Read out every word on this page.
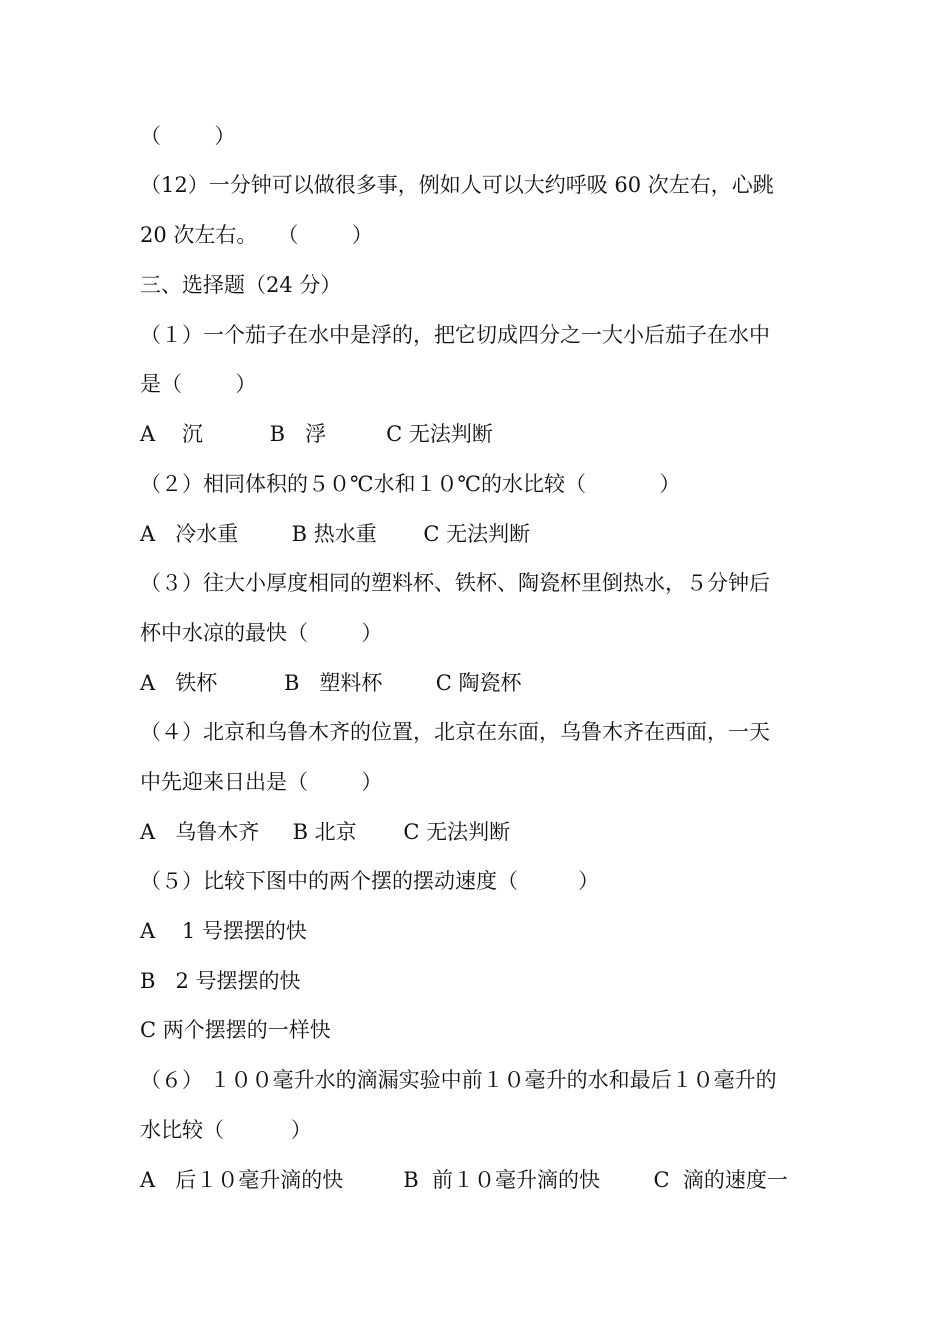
（        ）

（12）一分钟可以做很多事，例如人可以大约呼吸 60 次左右，心跳

20 次左右。   （        ）

三、选择题（24 分）

（１）一个茄子在水中是浮的，把它切成四分之一大小后茄子在水中

是（        ）

A    沉          B   浮         C 无法判断

（２）相同体积的５０℃水和１０℃的水比较（           ）

A   冷水重        B 热水重       C 无法判断

（３）往大小厚度相同的塑料杯、铁杯、陶瓷杯里倒热水，５分钟后

杯中水凉的最快（        ）

A   铁杯          B   塑料杯        C 陶瓷杯

（４）北京和乌鲁木齐的位置，北京在东面，乌鲁木齐在西面，一天

中先迎来日出是（        ）

A   乌鲁木齐     B 北京       C 无法判断

（５）比较下图中的两个摆的摆动速度（         ）

A    1 号摆摆的快

B   2 号摆摆的快

C 两个摆摆的一样快

（６） １００毫升水的滴漏实验中前１０毫升的水和最后１０毫升的

水比较（          ）

A   后１０毫升滴的快         B  前１０毫升滴的快        C  滴的速度一
